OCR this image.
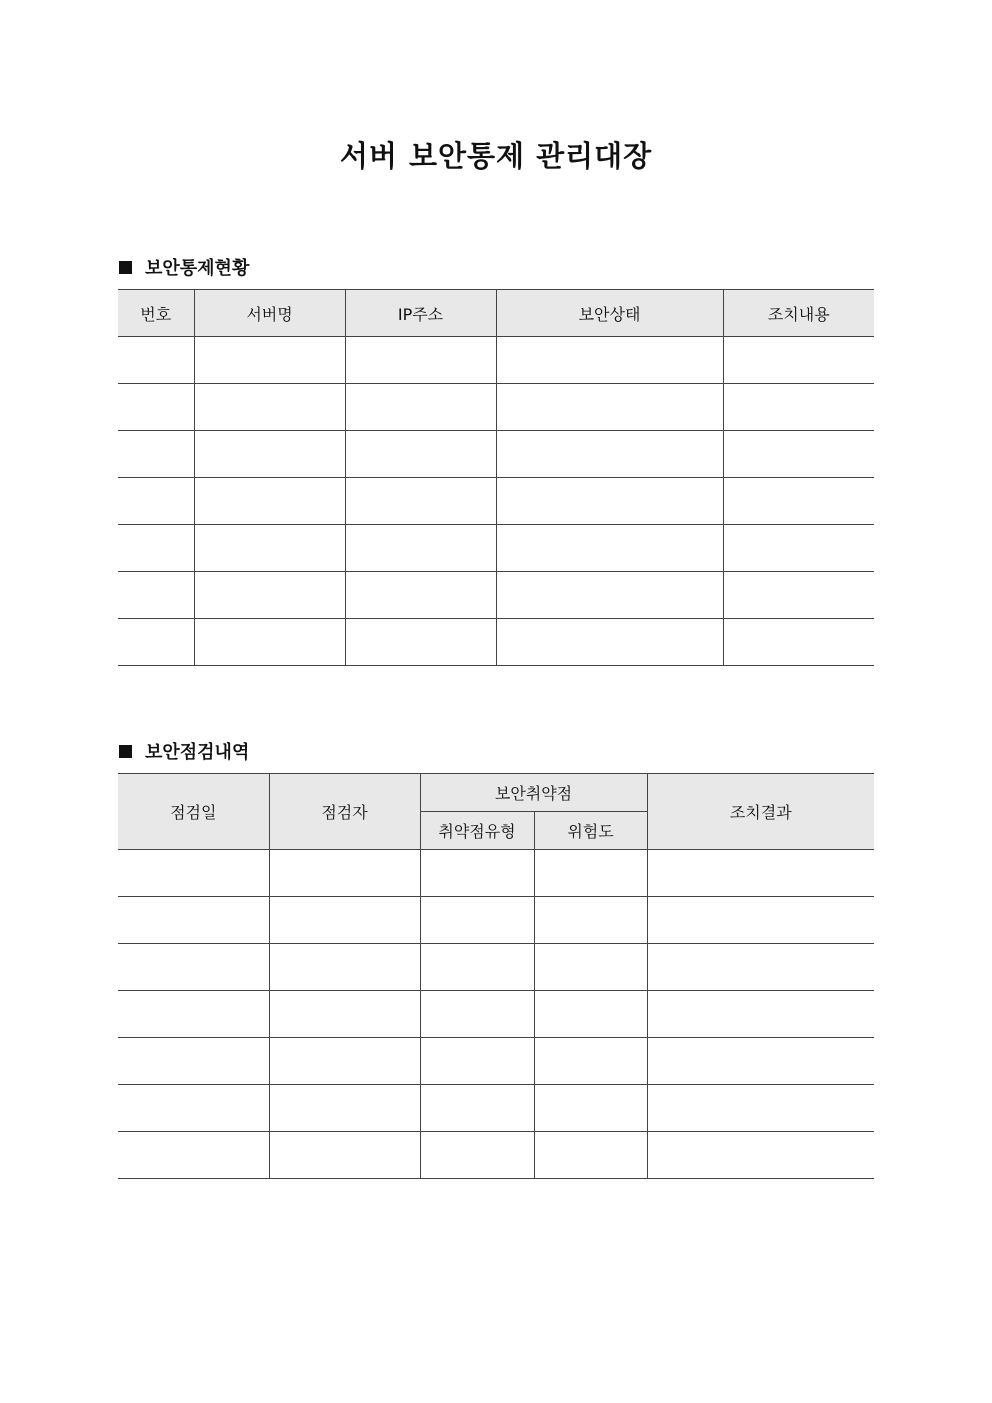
서버 보안통제 관리대장
보안통제현황
번호	서버명	IP주소	보안상태	조치내용

보안점검내역
점검일	점검자	보안취약점		조치결과
		취약점유형	위험도	
